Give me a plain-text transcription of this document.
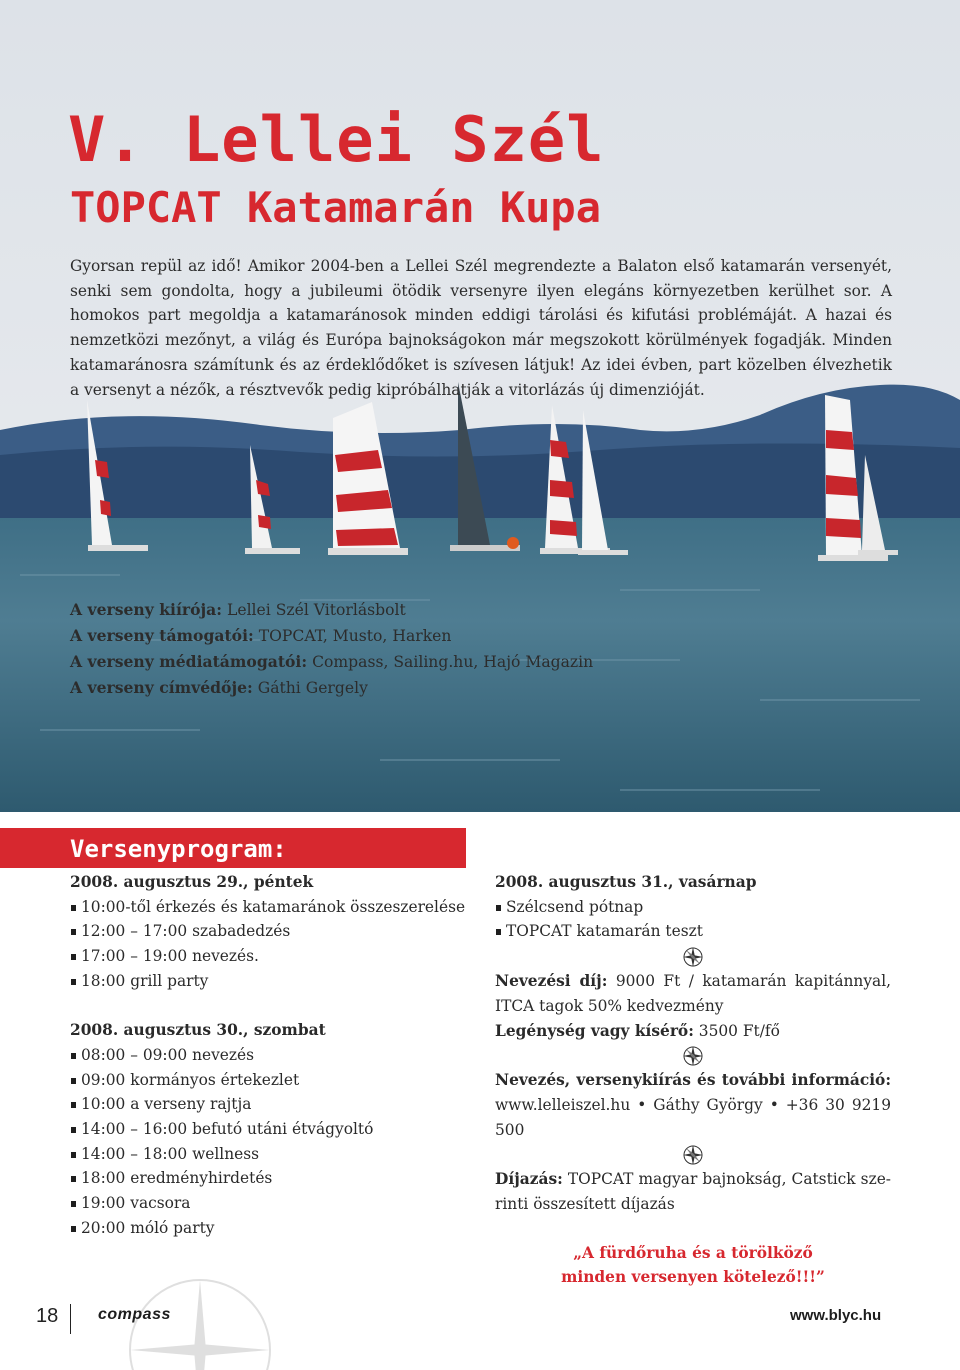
V. Lellei Szél
TOPCAT Katamarán Kupa

Gyorsan repül az idő! Amikor 2004-ben a Lellei Szél megrendezte a Balaton első katamarán versenyét, senki sem gondolta, hogy a jubileumi ötödik versenyre ilyen elegáns környezetben kerülhet sor. A homokos part megoldja a katamaránosok minden eddigi tárolási és kifutási problémáját. A hazai és nemzetközi mezőnyt, a világ és Európa bajnokságokon már megszokott körülmények fogadják. Minden katamaránosra számítunk és az érdeklődőket is szívesen látjuk! Az idei évben, part közelben élvezhetik a versenyt a nézők, a résztvevők pedig kipróbálhatják a vitorlázás új dimenzióját.

A verseny kiírója: Lellei Szél Vitorlásbolt
A verseny támogatói: TOPCAT, Musto, Harken
A verseny médiatámogatói: Compass, Sailing.hu, Hajó Magazin
A verseny címvédője: Gáthi Gergely
Versenyprogram:

2008. augusztus 29., péntek

10:00-től érkezés és katamaránok összeszerelése
12:00 – 17:00 szabadedzés
17:00 – 19:00 nevezés.
18:00 grill party

2008. augusztus 30., szombat

08:00 – 09:00 nevezés
09:00 kormányos értekezlet
10:00 a verseny rajtja
14:00 – 16:00 befutó utáni étvágyoltó
14:00 – 18:00 wellness
18:00 eredményhirdetés
19:00 vacsora
20:00 móló party

2008. augusztus 31., vasárnap

Szélcsend pótnap
TOPCAT katamarán teszt

Nevezési díj: 9000 Ft / katamarán kapitánnyal,

ITCA tagok 50% kedvezmény

Legénység vagy kísérő: 3500 Ft/fő

Nevezés, versenykiírás és további információ:

www.lelleiszel.hu • Gáthy György • +36 30 9219 500

Díjazás: TOPCAT magyar bajnokság, Catstick sze-

rinti összesített díjazás

„A fürdőruha és a törölköző
minden versenyen kötelező!!!”
18 compass	www.blyc.hu
